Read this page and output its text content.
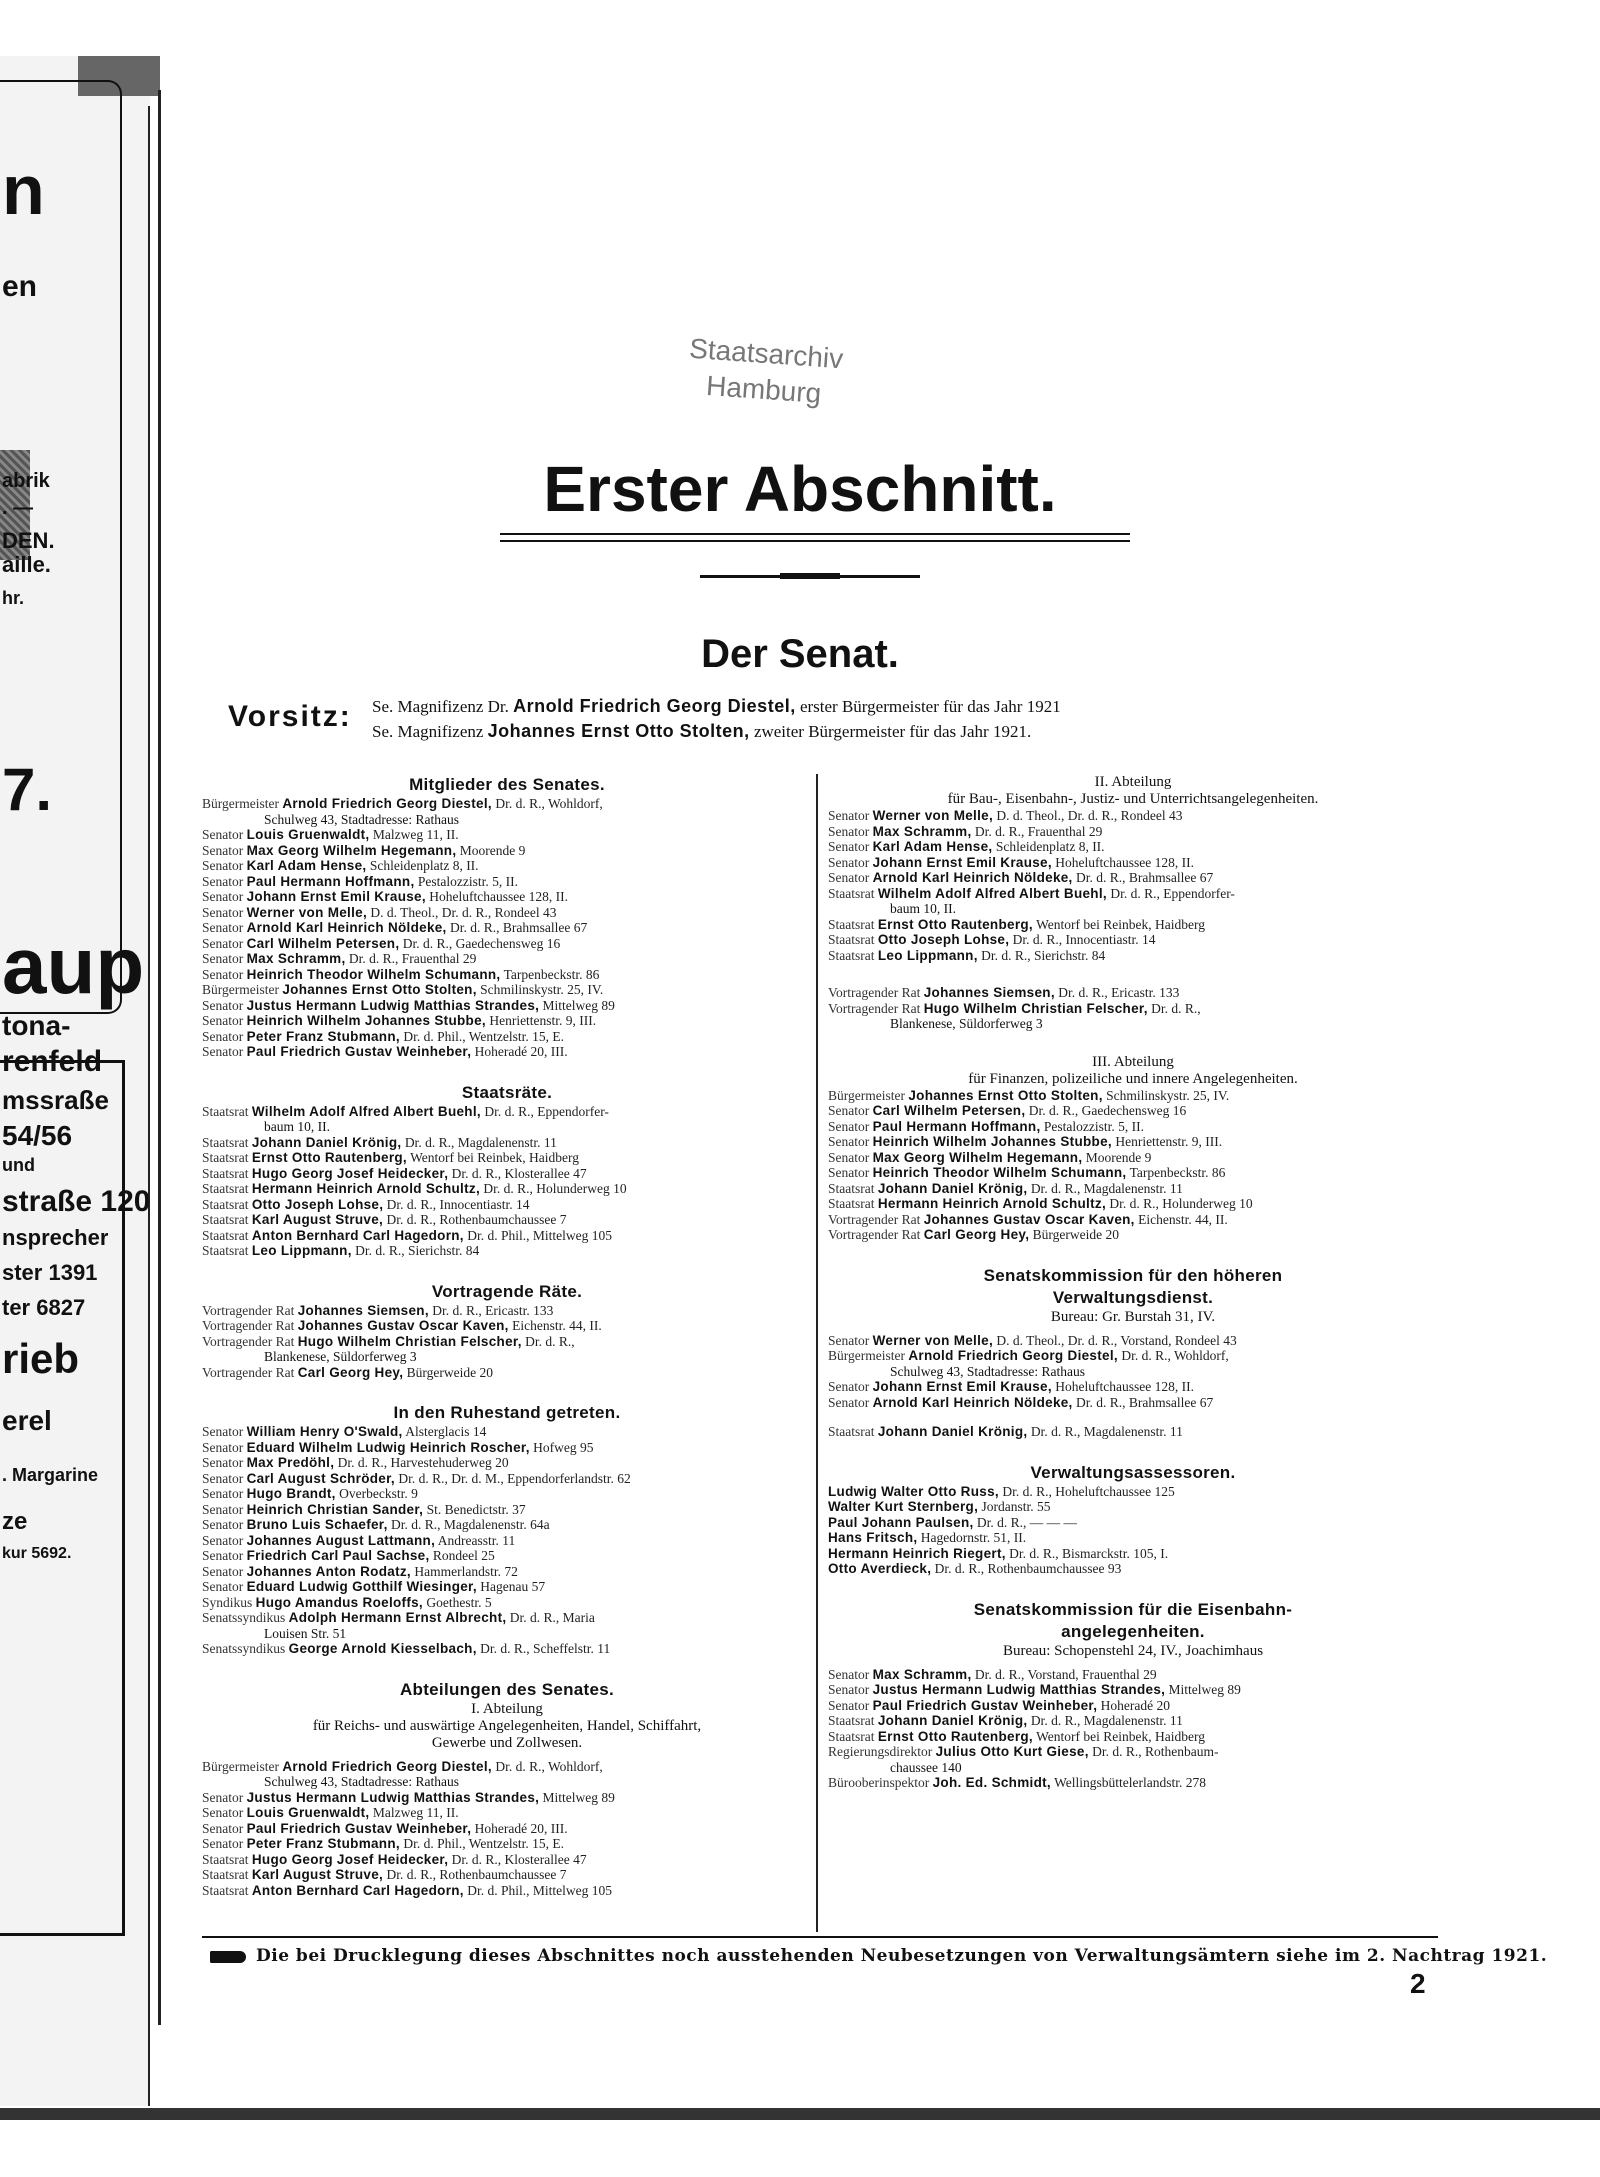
Staatsarchiv
Hamburg
Erster Abschnitt.
Der Senat.
Vorsitz: Se. Magnifizenz Dr. Arnold Friedrich Georg Diestel, erster Bürgermeister für das Jahr 1921
Se. Magnifizenz Johannes Ernst Otto Stolten, zweiter Bürgermeister für das Jahr 1921.
Mitglieder des Senates.
Bürgermeister Arnold Friedrich Georg Diestel, Dr. d. R., Wohldorf,
Schulweg 43, Stadtadresse: Rathaus
Senator Louis Gruenwaldt, Malzweg 11, II.
Senator Max Georg Wilhelm Hegemann, Moorende 9
Senator Karl Adam Hense, Schleidenplatz 8, II.
Senator Paul Hermann Hoffmann, Pestalozzistr. 5, II.
Senator Johann Ernst Emil Krause, Hoheluftchaussee 128, II.
Senator Werner von Melle, D. d. Theol., Dr. d. R., Rondeel 43
Senator Arnold Karl Heinrich Nöldeke, Dr. d. R., Brahmsallee 67
Senator Carl Wilhelm Petersen, Dr. d. R., Gaedechensweg 16
Senator Max Schramm, Dr. d. R., Frauenthal 29
Senator Heinrich Theodor Wilhelm Schumann, Tarpenbeckstr. 86
Bürgermeister Johannes Ernst Otto Stolten, Schmilinskystr. 25, IV.
Senator Justus Hermann Ludwig Matthias Strandes, Mittelweg 89
Senator Heinrich Wilhelm Johannes Stubbe, Henriettenstr. 9, III.
Senator Peter Franz Stubmann, Dr. d. Phil., Wentzelstr. 15, E.
Senator Paul Friedrich Gustav Weinheber, Hoheradé 20, III.
Staatsräte.
Staatsrat Wilhelm Adolf Alfred Albert Buehl, Dr. d. R., Eppendorfer-
baum 10, II.
Staatsrat Johann Daniel Krönig, Dr. d. R., Magdalenenstr. 11
Staatsrat Ernst Otto Rautenberg, Wentorf bei Reinbek, Haidberg
Staatsrat Hugo Georg Josef Heidecker, Dr. d. R., Klosterallee 47
Staatsrat Hermann Heinrich Arnold Schultz, Dr. d. R., Holunderweg 10
Staatsrat Otto Joseph Lohse, Dr. d. R., Innocentiastr. 14
Staatsrat Karl August Struve, Dr. d. R., Rothenbaumchaussee 7
Staatsrat Anton Bernhard Carl Hagedorn, Dr. d. Phil., Mittelweg 105
Staatsrat Leo Lippmann, Dr. d. R., Sierichstr. 84
Vortragende Räte.
Vortragender Rat Johannes Siemsen, Dr. d. R., Ericastr. 133
Vortragender Rat Johannes Gustav Oscar Kaven, Eichenstr. 44, II.
Vortragender Rat Hugo Wilhelm Christian Felscher, Dr. d. R.,
Blankenese, Süldorferweg 3
Vortragender Rat Carl Georg Hey, Bürgerweide 20
In den Ruhestand getreten.
Senator William Henry O'Swald, Alsterglacis 14
Senator Eduard Wilhelm Ludwig Heinrich Roscher, Hofweg 95
Senator Max Predöhl, Dr. d. R., Harvestehuderweg 20
Senator Carl August Schröder, Dr. d. R., Dr. d. M., Eppendorferlandstr. 62
Senator Hugo Brandt, Overbeckstr. 9
Senator Heinrich Christian Sander, St. Benedictstr. 37
Senator Bruno Luis Schaefer, Dr. d. R., Magdalenenstr. 64a
Senator Johannes August Lattmann, Andreasstr. 11
Senator Friedrich Carl Paul Sachse, Rondeel 25
Senator Johannes Anton Rodatz, Hammerlandstr. 72
Senator Eduard Ludwig Gotthilf Wiesinger, Hagenau 57
Syndikus Hugo Amandus Roeloffs, Goethestr. 5
Senatssyndikus Adolph Hermann Ernst Albrecht, Dr. d. R., Maria
Louisen Str. 51
Senatssyndikus George Arnold Kiesselbach, Dr. d. R., Scheffelstr. 11
Abteilungen des Senates.
I. Abteilung
für Reichs- und auswärtige Angelegenheiten, Handel, Schiffahrt,
Gewerbe und Zollwesen.
Bürgermeister Arnold Friedrich Georg Diestel, Dr. d. R., Wohldorf,
Schulweg 43, Stadtadresse: Rathaus
Senator Justus Hermann Ludwig Matthias Strandes, Mittelweg 89
Senator Louis Gruenwaldt, Malzweg 11, II.
Senator Paul Friedrich Gustav Weinheber, Hoheradé 20, III.
Senator Peter Franz Stubmann, Dr. d. Phil., Wentzelstr. 15, E.
Staatsrat Hugo Georg Josef Heidecker, Dr. d. R., Klosterallee 47
Staatsrat Karl August Struve, Dr. d. R., Rothenbaumchaussee 7
Staatsrat Anton Bernhard Carl Hagedorn, Dr. d. Phil., Mittelweg 105
II. Abteilung
für Bau-, Eisenbahn-, Justiz- und Unterrichtsangelegenheiten.
Senator Werner von Melle, D. d. Theol., Dr. d. R., Rondeel 43
Senator Max Schramm, Dr. d. R., Frauenthal 29
Senator Karl Adam Hense, Schleidenplatz 8, II.
Senator Johann Ernst Emil Krause, Hoheluftchaussee 128, II.
Senator Arnold Karl Heinrich Nöldeke, Dr. d. R., Brahmsallee 67
Staatsrat Wilhelm Adolf Alfred Albert Buehl, Dr. d. R., Eppendorfer-
baum 10, II.
Staatsrat Ernst Otto Rautenberg, Wentorf bei Reinbek, Haidberg
Staatsrat Otto Joseph Lohse, Dr. d. R., Innocentiastr. 14
Staatsrat Leo Lippmann, Dr. d. R., Sierichstr. 84
Vortragender Rat Johannes Siemsen, Dr. d. R., Ericastr. 133
Vortragender Rat Hugo Wilhelm Christian Felscher, Dr. d. R.,
Blankenese, Süldorferweg 3
III. Abteilung
für Finanzen, polizeiliche und innere Angelegenheiten.
Bürgermeister Johannes Ernst Otto Stolten, Schmilinskystr. 25, IV.
Senator Carl Wilhelm Petersen, Dr. d. R., Gaedechensweg 16
Senator Paul Hermann Hoffmann, Pestalozzistr. 5, II.
Senator Heinrich Wilhelm Johannes Stubbe, Henriettenstr. 9, III.
Senator Max Georg Wilhelm Hegemann, Moorende 9
Senator Heinrich Theodor Wilhelm Schumann, Tarpenbeckstr. 86
Staatsrat Johann Daniel Krönig, Dr. d. R., Magdalenenstr. 11
Staatsrat Hermann Heinrich Arnold Schultz, Dr. d. R., Holunderweg 10
Vortragender Rat Johannes Gustav Oscar Kaven, Eichenstr. 44, II.
Vortragender Rat Carl Georg Hey, Bürgerweide 20
Senatskommission für den höheren
Verwaltungsdienst.
Bureau: Gr. Burstah 31, IV.
Senator Werner von Melle, D. d. Theol., Dr. d. R., Vorstand, Rondeel 43
Bürgermeister Arnold Friedrich Georg Diestel, Dr. d. R., Wohldorf,
Schulweg 43, Stadtadresse: Rathaus
Senator Johann Ernst Emil Krause, Hoheluftchaussee 128, II.
Senator Arnold Karl Heinrich Nöldeke, Dr. d. R., Brahmsallee 67
Staatsrat Johann Daniel Krönig, Dr. d. R., Magdalenenstr. 11
Verwaltungsassessoren.
Ludwig Walter Otto Russ, Dr. d. R., Hoheluftchaussee 125
Walter Kurt Sternberg, Jordanstr. 55
Paul Johann Paulsen, Dr. d. R., — — —
Hans Fritsch, Hagedornstr. 51, II.
Hermann Heinrich Riegert, Dr. d. R., Bismarckstr. 105, I.
Otto Averdieck, Dr. d. R., Rothenbaumchaussee 93
Senatskommission für die Eisenbahn-
angelegenheiten.
Bureau: Schopenstehl 24, IV., Joachimhaus
Senator Max Schramm, Dr. d. R., Vorstand, Frauenthal 29
Senator Justus Hermann Ludwig Matthias Strandes, Mittelweg 89
Senator Paul Friedrich Gustav Weinheber, Hoheradé 20
Staatsrat Johann Daniel Krönig, Dr. d. R., Magdalenenstr. 11
Staatsrat Ernst Otto Rautenberg, Wentorf bei Reinbek, Haidberg
Regierungsdirektor Julius Otto Kurt Giese, Dr. d. R., Rothenbaum-
chaussee 140
Bürooberinspektor Joh. Ed. Schmidt, Wellingsbüttelerlandstr. 278
Die bei Drucklegung dieses Abschnittes noch ausstehenden Neubesetzungen von Verwaltungsämtern siehe im 2. Nachtrag 1921.
2
n
en
abrik
. —
DEN.
aille.
hr.
7.
aup
tona-
renfeld
mssraße
54/56
und
straße 120
nsprecher
ster 1391
ter 6827
rieb
erel
. Margarine
ze
kur 5692.
